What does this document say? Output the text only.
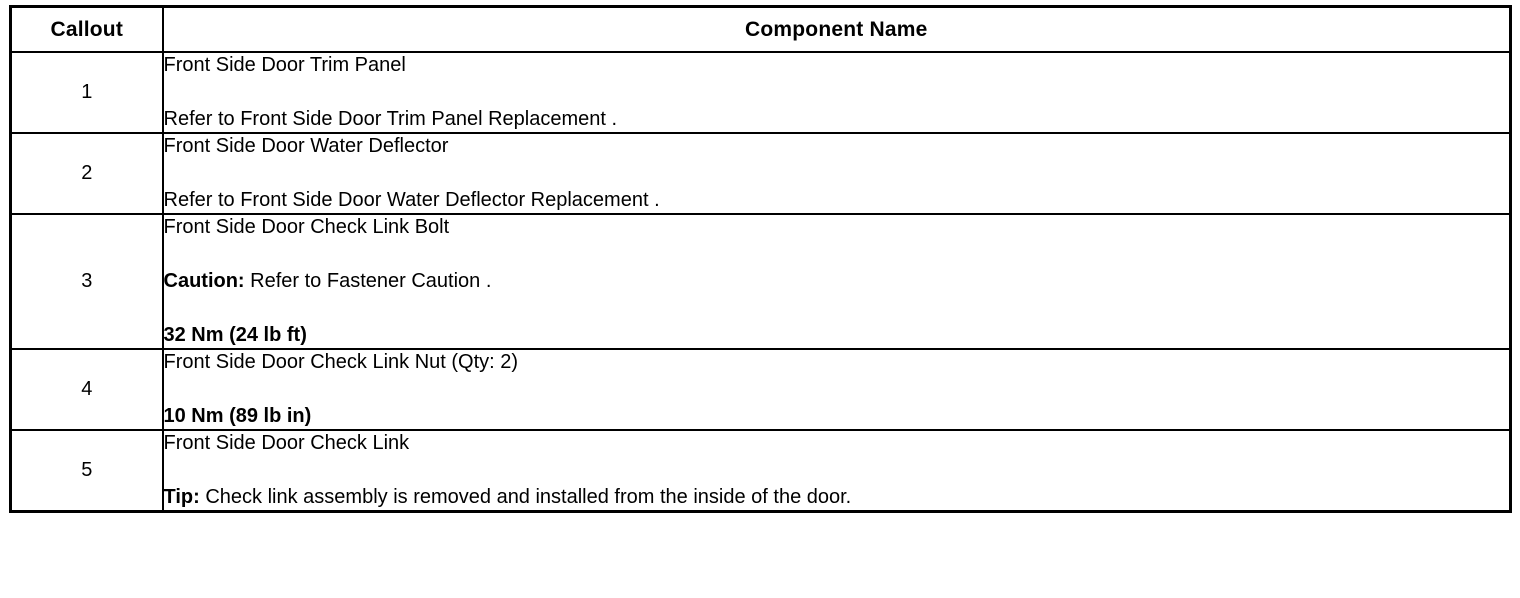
Callout	Component Name
1	Front Side Door Trim Panel
Refer to Front Side Door Trim Panel Replacement .

2	Front Side Door Water Deflector
Refer to Front Side Door Water Deflector Replacement .

3	Front Side Door Check Link Bolt
Caution: Refer to Fastener Caution .
32 Nm (24 lb ft)

4	Front Side Door Check Link Nut (Qty: 2)
10 Nm (89 lb in)

5	Front Side Door Check Link
Tip: Check link assembly is removed and installed from the inside of the door.
